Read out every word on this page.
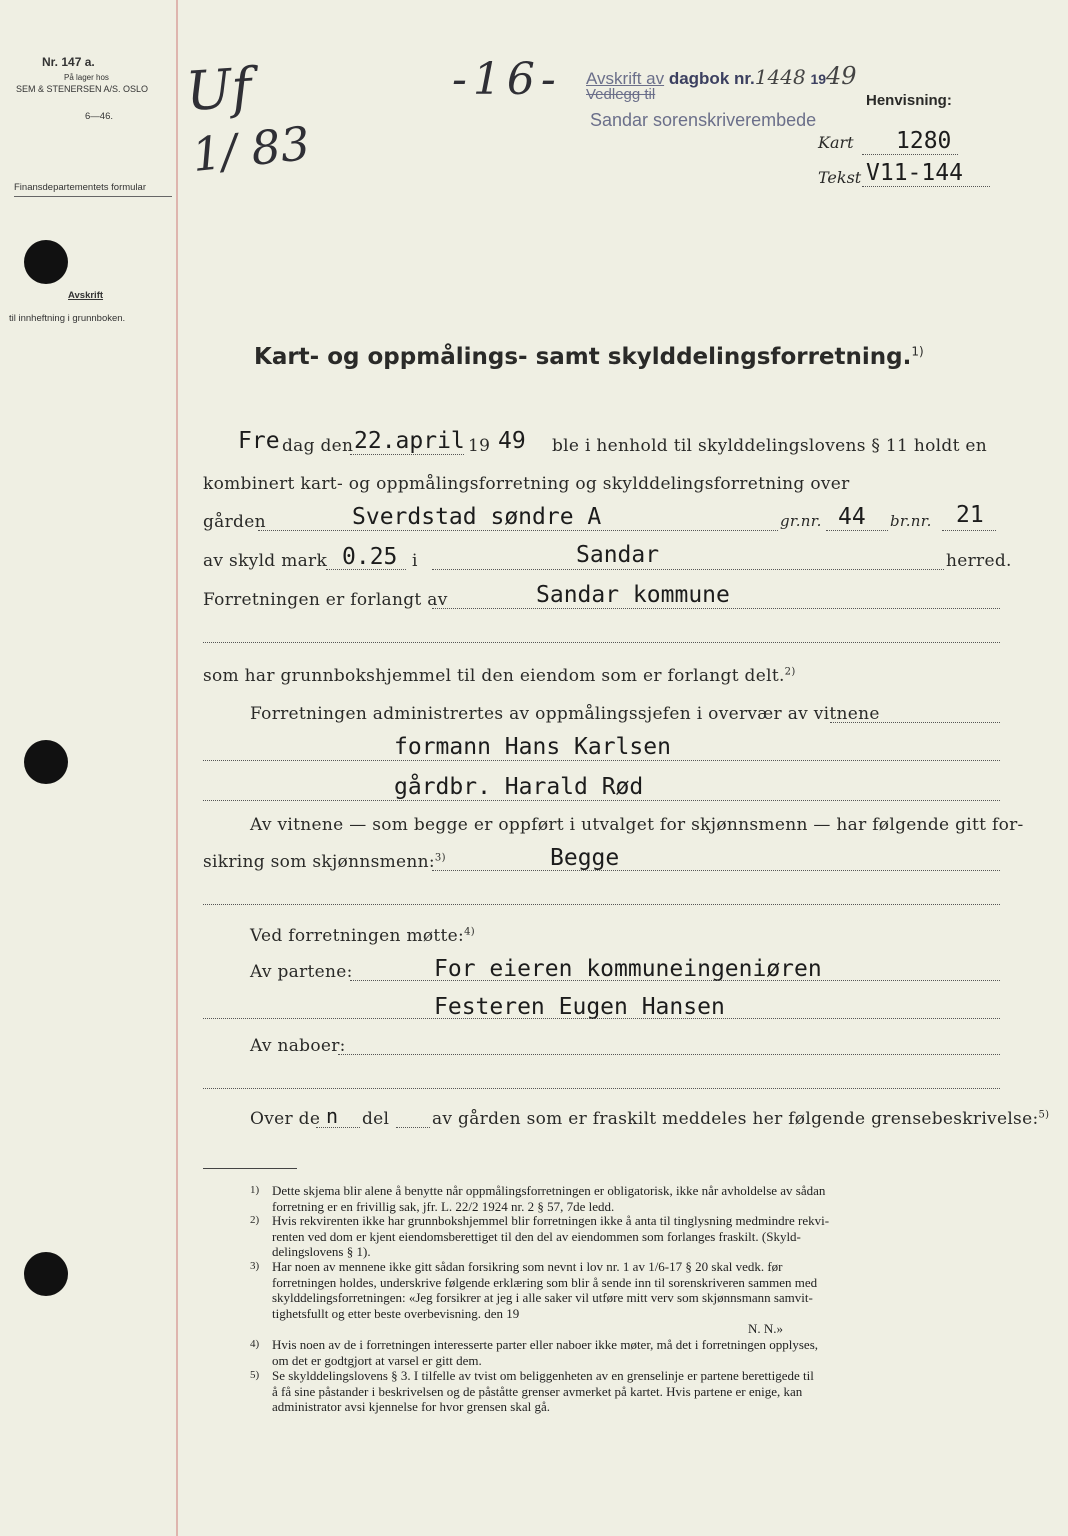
Nr. 147 a.
På lager hos
SEM & STENERSEN A/S. OSLO
6—46.
Finansdepartementets formular
Avskrift
til innheftning i grunnboken.
Uf
1/ 83
-16- Avskrift av dagbok nr.1448 1949
Vedlegg til
Sandar sorenskriverembede
Henvisning:
Kart 1280
Tekst V11-144
Kart- og oppmålings- samt skylddelingsforretning.$^{1)}$
Fre dag den 22.april 19 49 ble i henhold til skylddelingslovens § 11 holdt en
kombinert kart- og oppmålingsforretning og skylddelingsforretning over
gården	Sverdstad søndre A	gr.nr. 44 br.nr. 21
av skyld mark 0.25 i	Sandar	herred.
Forretningen er forlangt av	Sandar kommune
som har grunnbokshjemmel til den eiendom som er forlangt delt.$^{2)}$
Forretningen administrertes av oppmålingssjefen i overvær av vitnene
formann Hans Karlsen
gårdbr. Harald Rød
Av vitnene — som begge er oppført i utvalget for skjønnsmenn — har følgende gitt for-
sikring som skjønnsmenn:$^{3)}$	Begge
Ved forretningen møtte:$^{4)}$
Av partene:	For eieren kommuneingeniøren
Festeren Eugen Hansen
Av naboer:
Over de n del	av gården som er fraskilt meddeles her følgende grensebeskrivelse:$^{5)}$
1) Dette skjema blir alene å benytte når oppmålingsforretningen er obligatorisk, ikke når avholdelse av sådan
forretning er en frivillig sak, jfr. L. 22/2 1924 nr. 2 § 57, 7de ledd.
2) Hvis rekvirenten ikke har grunnbokshjemmel blir forretningen ikke å anta til tinglysning medmindre rekvi-
renten ved dom er kjent eiendomsberettiget til den del av eiendommen som forlanges fraskilt. (Skyld-
delingslovens § 1).
3) Har noen av mennene ikke gitt sådan forsikring som nevnt i lov nr. 1 av 1/6-17 § 20 skal vedk. før
forretningen holdes, underskrive følgende erklæring som blir å sende inn til sorenskriveren sammen med
skylddelingsforretningen: «Jeg forsikrer at jeg i alle saker vil utføre mitt verv som skjønnsmann samvit-
tighetsfullt og etter beste overbevisning. den 19
N. N.»
4) Hvis noen av de i forretningen interesserte parter eller naboer ikke møter, må det i forretningen opplyses,
om det er godtgjort at varsel er gitt dem.
5) Se skylddelingslovens § 3. I tilfelle av tvist om beliggenheten av en grenselinje er partene berettigede til
å få sine påstander i beskrivelsen og de påståtte grenser avmerket på kartet. Hvis partene er enige, kan
administrator avsi kjennelse for hvor grensen skal gå.
